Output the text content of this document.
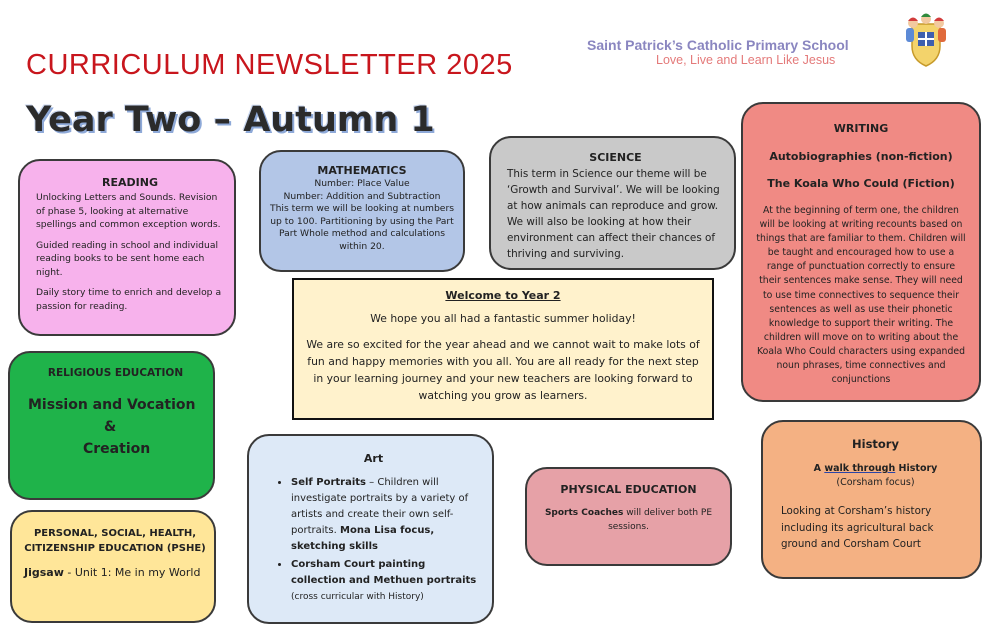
CURRICULUM NEWSLETTER 2025
Year Two – Autumn 1
Saint Patrick’s Catholic Primary School
Love, Live and Learn Like Jesus
READING

Unlocking Letters and Sounds. Revision of phase 5, looking at alternative spellings and common exception words.

Guided reading in school and individual reading books to be sent home each night.

Daily story time to enrich and develop a passion for reading.

MATHEMATICS

Number: Place Value

Number: Addition and Subtraction

This term we will be looking at numbers up to 100. Partitioning by using the Part Part Whole method and calculations within 20.

SCIENCE

This term in Science our theme will be ‘Growth and Survival’. We will be looking at how animals can reproduce and grow. We will also be looking at how their environment can affect their chances of thriving and surviving.

WRITING
Autobiographies (non-fiction)
The Koala Who Could (Fiction)

At the beginning of term one, the children will be looking at writing recounts based on things that are familiar to them. Children will be taught and encouraged how to use a range of punctuation correctly to ensure their sentences make sense. They will need to use time connectives to sequence their sentences as well as use their phonetic knowledge to support their writing. The children will move on to writing about the Koala Who Could characters using expanded noun phrases, time connectives and conjunctions

Welcome to Year 2

We hope you all had a fantastic summer holiday!

We are so excited for the year ahead and we cannot wait to make lots of fun and happy memories with you all. You are all ready for the next step in your learning journey and your new teachers are looking forward to watching you grow as learners.

RELIGIOUS EDUCATION
Mission and Vocation
&
Creation
PERSONAL, SOCIAL, HEALTH, CITIZENSHIP EDUCATION (PSHE)

Jigsaw - Unit 1: Me in my World

Art
• Self Portraits – Children will investigate portraits by a variety of artists and create their own self-portraits. Mona Lisa focus, sketching skills
• Corsham Court painting collection and Methuen portraits (cross curricular with History)
PHYSICAL EDUCATION

Sports Coaches will deliver both PE sessions.

History
A walk through History
(Corsham focus)

Looking at Corsham’s history including its agricultural back ground and Corsham Court
